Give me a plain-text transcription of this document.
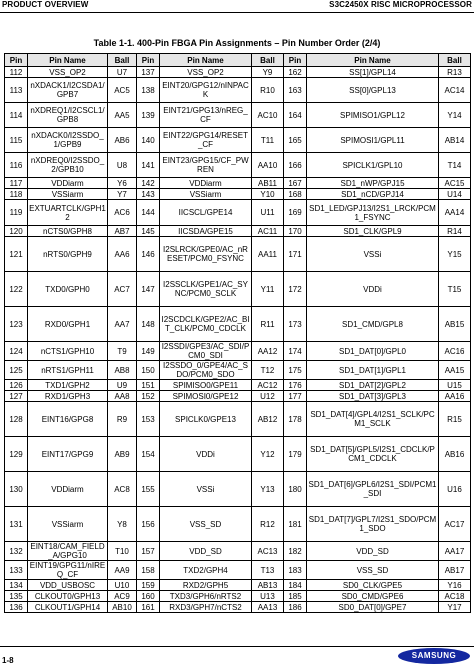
PRODUCT OVERVIEW	S3C2450X RISC MICROPROCESSOR
Table 1-1. 400-Pin FBGA Pin Assignments – Pin Number Order (2/4)
Pin	Pin Name	Ball	Pin	Pin Name	Ball	Pin	Pin Name	Ball
112	VSS_OP2	U7	137	VSS_OP2	Y9	162	SS[1]/GPL14	R13
113	nXDACK1/I2CSDA1/GPB7	AC5	138	EINT20/GPG12/nINPACK	R10	163	SS[0]/GPL13	AC14
114	nXDREQ1/I2CSCL1/GPB8	AA5	139	EINT21/GPG13/nREG_CF	AC10	164	SPIMISO1/GPL12	Y14
115	nXDACK0/I2SSDO_1/GPB9	AB6	140	EINT22/GPG14/RESET_CF	T11	165	SPIMOSI1/GPL11	AB14
116	nXDREQ0/I2SSDO_2/GPB10	U8	141	EINT23/GPG15/CF_PWREN	AA10	166	SPICLK1/GPL10	T14
117	VDDiarm	Y6	142	VDDiarm	AB11	167	SD1_nWP/GPJ15	AC15
118	VSSiarm	Y7	143	VSSiarm	Y10	168	SD1_nCD/GPJ14	U14
119	EXTUARTCLK/GPH12	AC6	144	IICSCL/GPE14	U11	169	SD1_LED/GPJ13/I2S1_LRCK/PCM1_FSYNC	AA14
120	nCTS0/GPH8	AB7	145	IICSDA/GPE15	AC11	170	SD1_CLK/GPL9	R14
121	nRTS0/GPH9	AA6	146	I2SLRCK/GPE0/AC_nRESET/PCM0_FSYNC	AA11	171	VSSi	Y15
122	TXD0/GPH0	AC7	147	I2SSCLK/GPE1/AC_SYNC/PCM0_SCLK	Y11	172	VDDi	T15
123	RXD0/GPH1	AA7	148	I2SCDCLK/GPE2/AC_BIT_CLK/PCM0_CDCLK	R11	173	SD1_CMD/GPL8	AB15
124	nCTS1/GPH10	T9	149	I2SSDI/GPE3/AC_SDI/PCM0_SDI	AA12	174	SD1_DAT[0]/GPL0	AC16
125	nRTS1/GPH11	AB8	150	I2SSDO_0/GPE4/AC_SDO/PCM0_SDO	T12	175	SD1_DAT[1]/GPL1	AA15
126	TXD1/GPH2	U9	151	SPIMISO0/GPE11	AC12	176	SD1_DAT[2]/GPL2	U15
127	RXD1/GPH3	AA8	152	SPIMOSI0/GPE12	U12	177	SD1_DAT[3]/GPL3	AA16
128	EINT16/GPG8	R9	153	SPICLK0/GPE13	AB12	178	SD1_DAT[4]/GPL4/I2S1_SCLK/PCM1_SCLK	R15
129	EINT17/GPG9	AB9	154	VDDi	Y12	179	SD1_DAT[5]/GPL5/I2S1_CDCLK/PCM1_CDCLK	AB16
130	VDDiarm	AC8	155	VSSi	Y13	180	SD1_DAT[6]/GPL6/I2S1_SDI/PCM1_SDI	U16
131	VSSiarm	Y8	156	VSS_SD	R12	181	SD1_DAT[7]/GPL7/I2S1_SDO/PCM1_SDO	AC17
132	EINT18/CAM_FIELD_A/GPG10	T10	157	VDD_SD	AC13	182	VDD_SD	AA17
133	EINT19/GPG11/nIREQ_CF	AA9	158	TXD2/GPH4	T13	183	VSS_SD	AB17
134	VDD_USBOSC	U10	159	RXD2/GPH5	AB13	184	SD0_CLK/GPE5	Y16
135	CLKOUT0/GPH13	AC9	160	TXD3/GPH6/nRTS2	U13	185	SD0_CMD/GPE6	AC18
136	CLKOUT1/GPH14	AB10	161	RXD3/GPH7/nCTS2	AA13	186	SD0_DAT[0]/GPE7	Y17
1-8
SAMSUNG
